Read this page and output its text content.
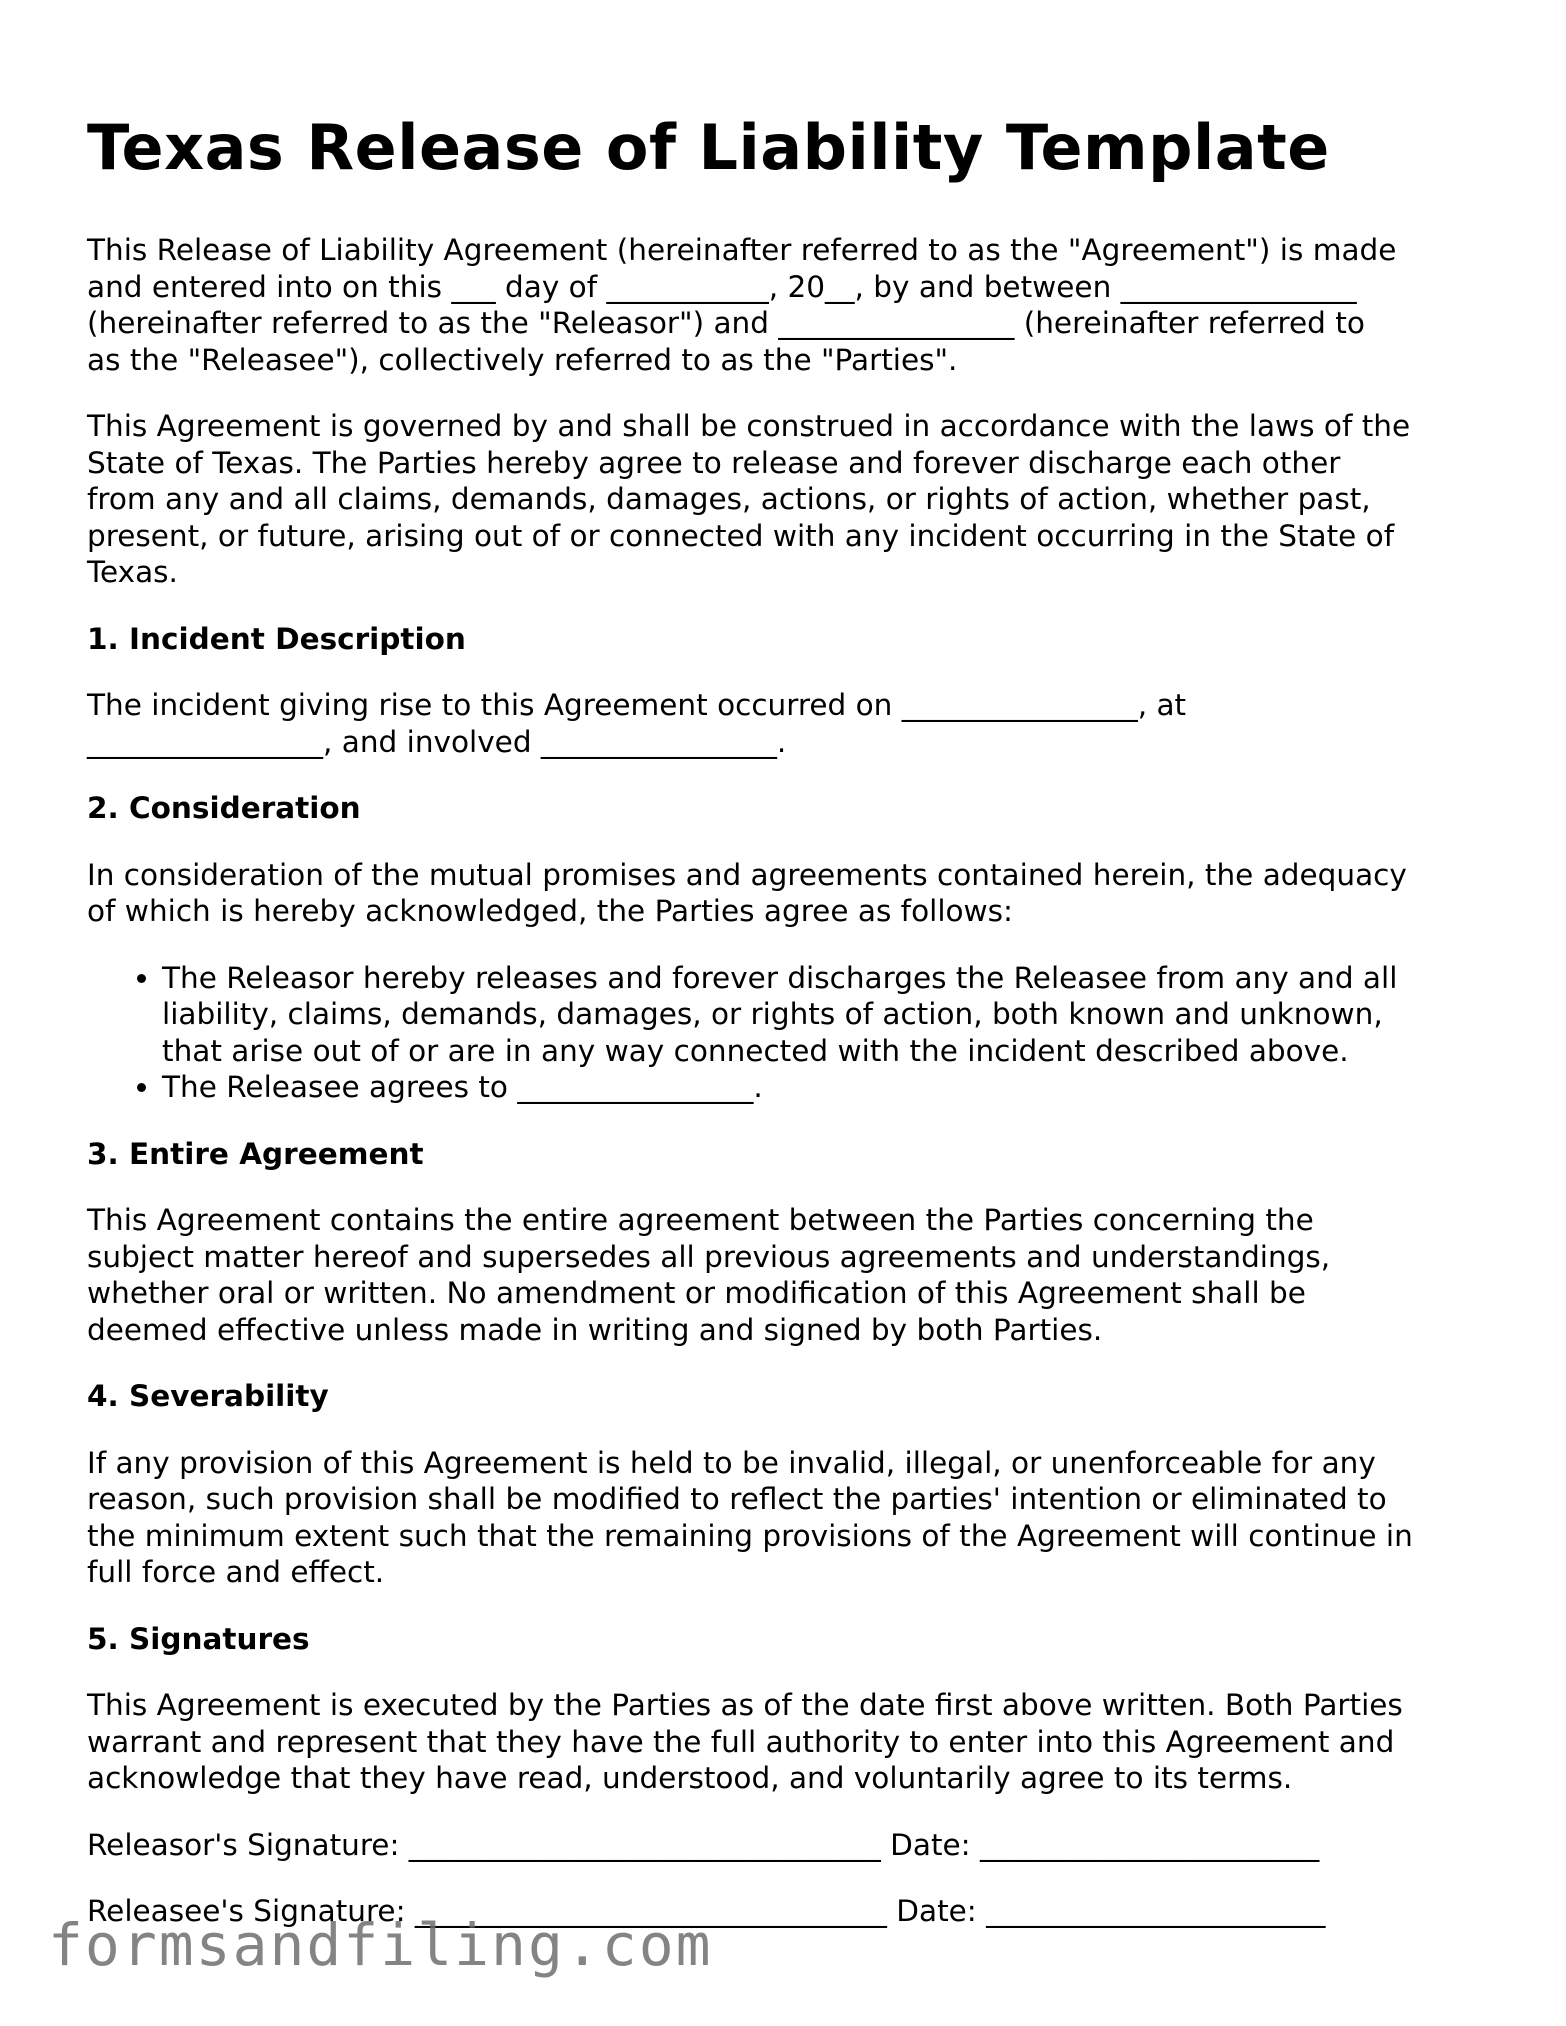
Texas Release of Liability Template

This Release of Liability Agreement (hereinafter referred to as the "Agreement") is made
and entered into on this ___ day of ___________, 20__, by and between ________________
(hereinafter referred to as the "Releasor") and ________________ (hereinafter referred to
as the "Releasee"), collectively referred to as the "Parties".

This Agreement is governed by and shall be construed in accordance with the laws of the
State of Texas. The Parties hereby agree to release and forever discharge each other
from any and all claims, demands, damages, actions, or rights of action, whether past,
present, or future, arising out of or connected with any incident occurring in the State of
Texas.

1. Incident Description

The incident giving rise to this Agreement occurred on ________________, at
________________, and involved ________________.

2. Consideration

In consideration of the mutual promises and agreements contained herein, the adequacy
of which is hereby acknowledged, the Parties agree as follows:

• The Releasor hereby releases and forever discharges the Releasee from any and all
liability, claims, demands, damages, or rights of action, both known and unknown,
that arise out of or are in any way connected with the incident described above.
• The Releasee agrees to ________________.
3. Entire Agreement

This Agreement contains the entire agreement between the Parties concerning the
subject matter hereof and supersedes all previous agreements and understandings,
whether oral or written. No amendment or modification of this Agreement shall be
deemed effective unless made in writing and signed by both Parties.

4. Severability

If any provision of this Agreement is held to be invalid, illegal, or unenforceable for any
reason, such provision shall be modified to reflect the parties' intention or eliminated to
the minimum extent such that the remaining provisions of the Agreement will continue in
full force and effect.

5. Signatures

This Agreement is executed by the Parties as of the date first above written. Both Parties
warrant and represent that they have the full authority to enter into this Agreement and
acknowledge that they have read, understood, and voluntarily agree to its terms.

Releasor's Signature: ________________________________ Date: _______________________
Releasee's Signature: ________________________________ Date: _______________________
formsandfiling.com
